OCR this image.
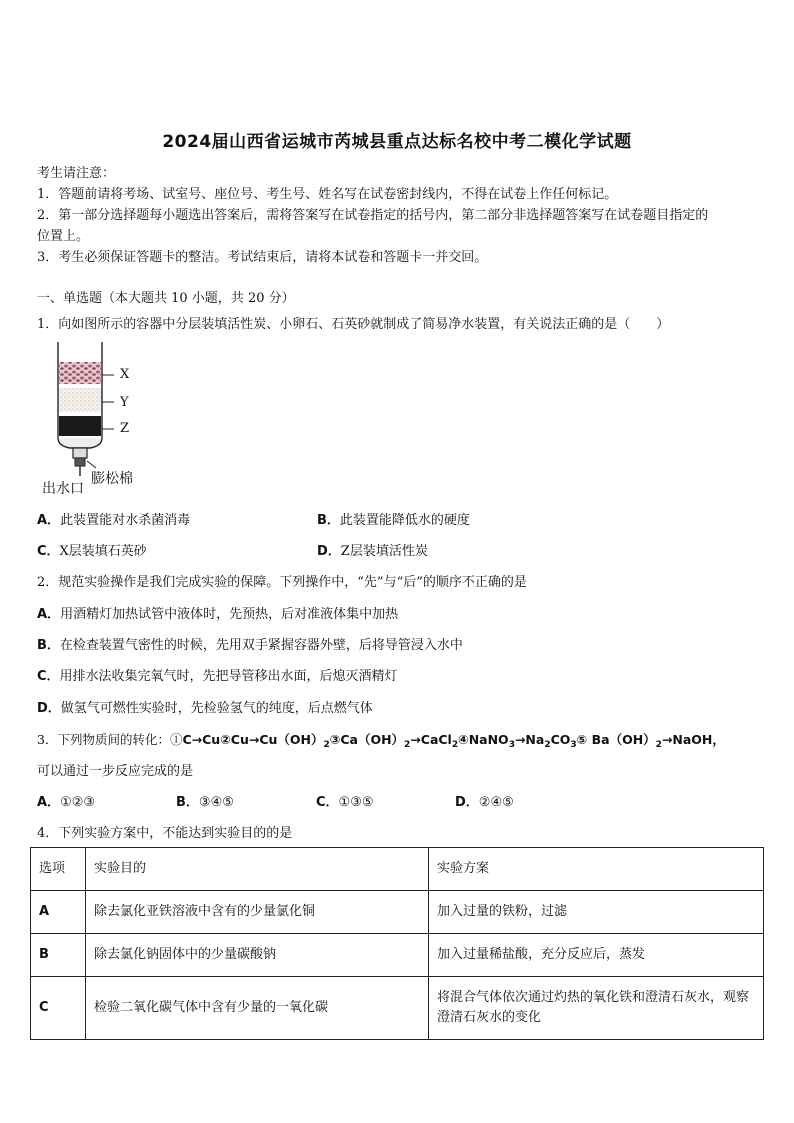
2024届山西省运城市芮城县重点达标名校中考二模化学试题
考生请注意：
1．答题前请将考场、试室号、座位号、考生号、姓名写在试卷密封线内，不得在试卷上作任何标记。
2．第一部分选择题每小题选出答案后，需将答案写在试卷指定的括号内，第二部分非选择题答案写在试卷题目指定的
位置上。
3．考生必须保证答题卡的整洁。考试结束后，请将本试卷和答题卡一并交回。
一、单选题（本大题共 10 小题，共 20 分）
1．向如图所示的容器中分层装填活性炭、小卵石、石英砂就制成了简易净水装置，有关说法正确的是（　　）
X
Y
Z
膨松棉
出水口
A．此装置能对水杀菌消毒	B．此装置能降低水的硬度
C．X层装填石英砂	D．Z层装填活性炭
2．规范实验操作是我们完成实验的保障。下列操作中，“先”与“后”的顺序不正确的是
A．用酒精灯加热试管中液体时，先预热，后对准液体集中加热
B．在检查装置气密性的时候，先用双手紧握容器外壁，后将导管浸入水中
C．用排水法收集完氧气时，先把导管移出水面，后熄灭酒精灯
D．做氢气可燃性实验时，先检验氢气的纯度，后点燃气体
3．下列物质间的转化：$①C\to Cu②Cu\to Cu(OH)_2③Ca(OH)_2\to CaCl_2④NaNO_3\to Na_2CO_3⑤$ $Ba(OH)_2\to NaOH$，
可以通过一步反应完成的是
A．①②③	B．③④⑤	C．①③⑤	D．②④⑤
4．下列实验方案中，不能达到实验目的的是
选项	实验目的	实验方案
A	除去氯化亚铁溶液中含有的少量氯化铜	加入过量的铁粉，过滤
B	除去氯化钠固体中的少量碳酸钠	加入过量稀盐酸，充分反应后，蒸发
C	检验二氧化碳气体中含有少量的一氧化碳	将混合气体依次通过灼热的氧化铁和澄清石灰水，观察澄清石灰水的变化
